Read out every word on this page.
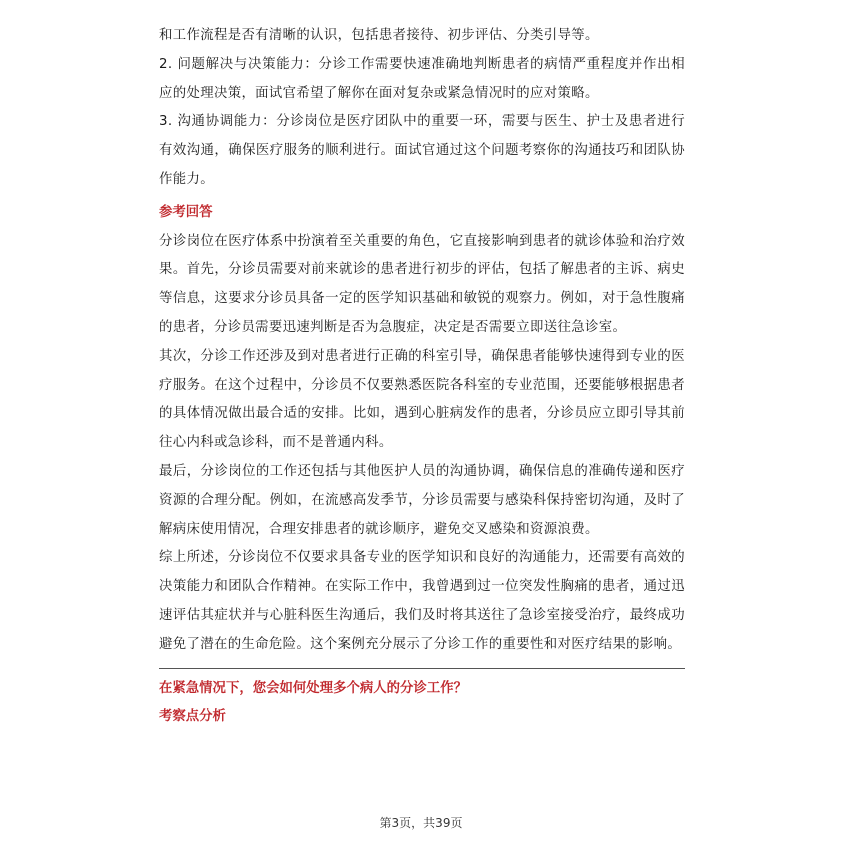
和工作流程是否有清晰的认识，包括患者接待、初步评估、分类引导等。

2. 问题解决与决策能力：分诊工作需要快速准确地判断患者的病情严重程度并作出相应的处理决策，面试官希望了解你在面对复杂或紧急情况时的应对策略。

3. 沟通协调能力：分诊岗位是医疗团队中的重要一环，需要与医生、护士及患者进行有效沟通，确保医疗服务的顺利进行。面试官通过这个问题考察你的沟通技巧和团队协作能力。

参考回答

分诊岗位在医疗体系中扮演着至关重要的角色，它直接影响到患者的就诊体验和治疗效果。首先，分诊员需要对前来就诊的患者进行初步的评估，包括了解患者的主诉、病史等信息，这要求分诊员具备一定的医学知识基础和敏锐的观察力。例如，对于急性腹痛的患者，分诊员需要迅速判断是否为急腹症，决定是否需要立即送往急诊室。

其次，分诊工作还涉及到对患者进行正确的科室引导，确保患者能够快速得到专业的医疗服务。在这个过程中，分诊员不仅要熟悉医院各科室的专业范围，还要能够根据患者的具体情况做出最合适的安排。比如，遇到心脏病发作的患者，分诊员应立即引导其前往心内科或急诊科，而不是普通内科。

最后，分诊岗位的工作还包括与其他医护人员的沟通协调，确保信息的准确传递和医疗资源的合理分配。例如，在流感高发季节，分诊员需要与感染科保持密切沟通，及时了解病床使用情况，合理安排患者的就诊顺序，避免交叉感染和资源浪费。

综上所述，分诊岗位不仅要求具备专业的医学知识和良好的沟通能力，还需要有高效的决策能力和团队合作精神。在实际工作中，我曾遇到过一位突发性胸痛的患者，通过迅速评估其症状并与心脏科医生沟通后，我们及时将其送往了急诊室接受治疗，最终成功避免了潜在的生命危险。这个案例充分展示了分诊工作的重要性和对医疗结果的影响。

在紧急情况下，您会如何处理多个病人的分诊工作？

考察点分析

第3页，共39页
